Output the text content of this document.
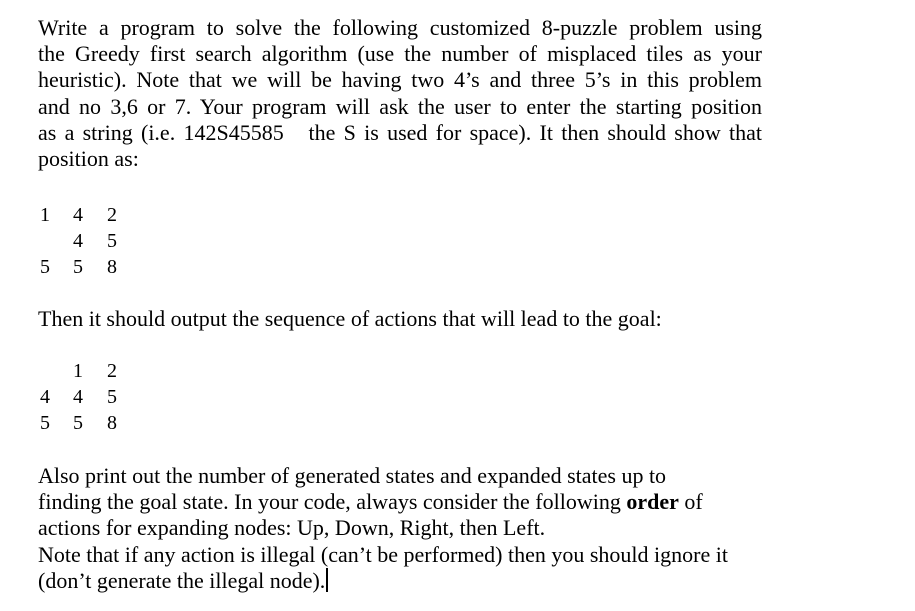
Write a program to solve the following customized 8-puzzle problem using
the Greedy first search algorithm (use the number of misplaced tiles as your
heuristic). Note that we will be having two 4’s and three 5’s in this problem
and no 3,6 or 7. Your program will ask the user to enter the starting position
as a string (i.e. 142S45585   the S is used for space). It then should show that
position as:
1 4 2
4 5
5 5 8
Then it should output the sequence of actions that will lead to the goal:
1 2
4 4 5
5 5 8
Also print out the number of generated states and expanded states up to
finding the goal state. In your code, always consider the following order of
actions for expanding nodes: Up, Down, Right, then Left.
Note that if any action is illegal (can’t be performed) then you should ignore it
(don’t generate the illegal node).
